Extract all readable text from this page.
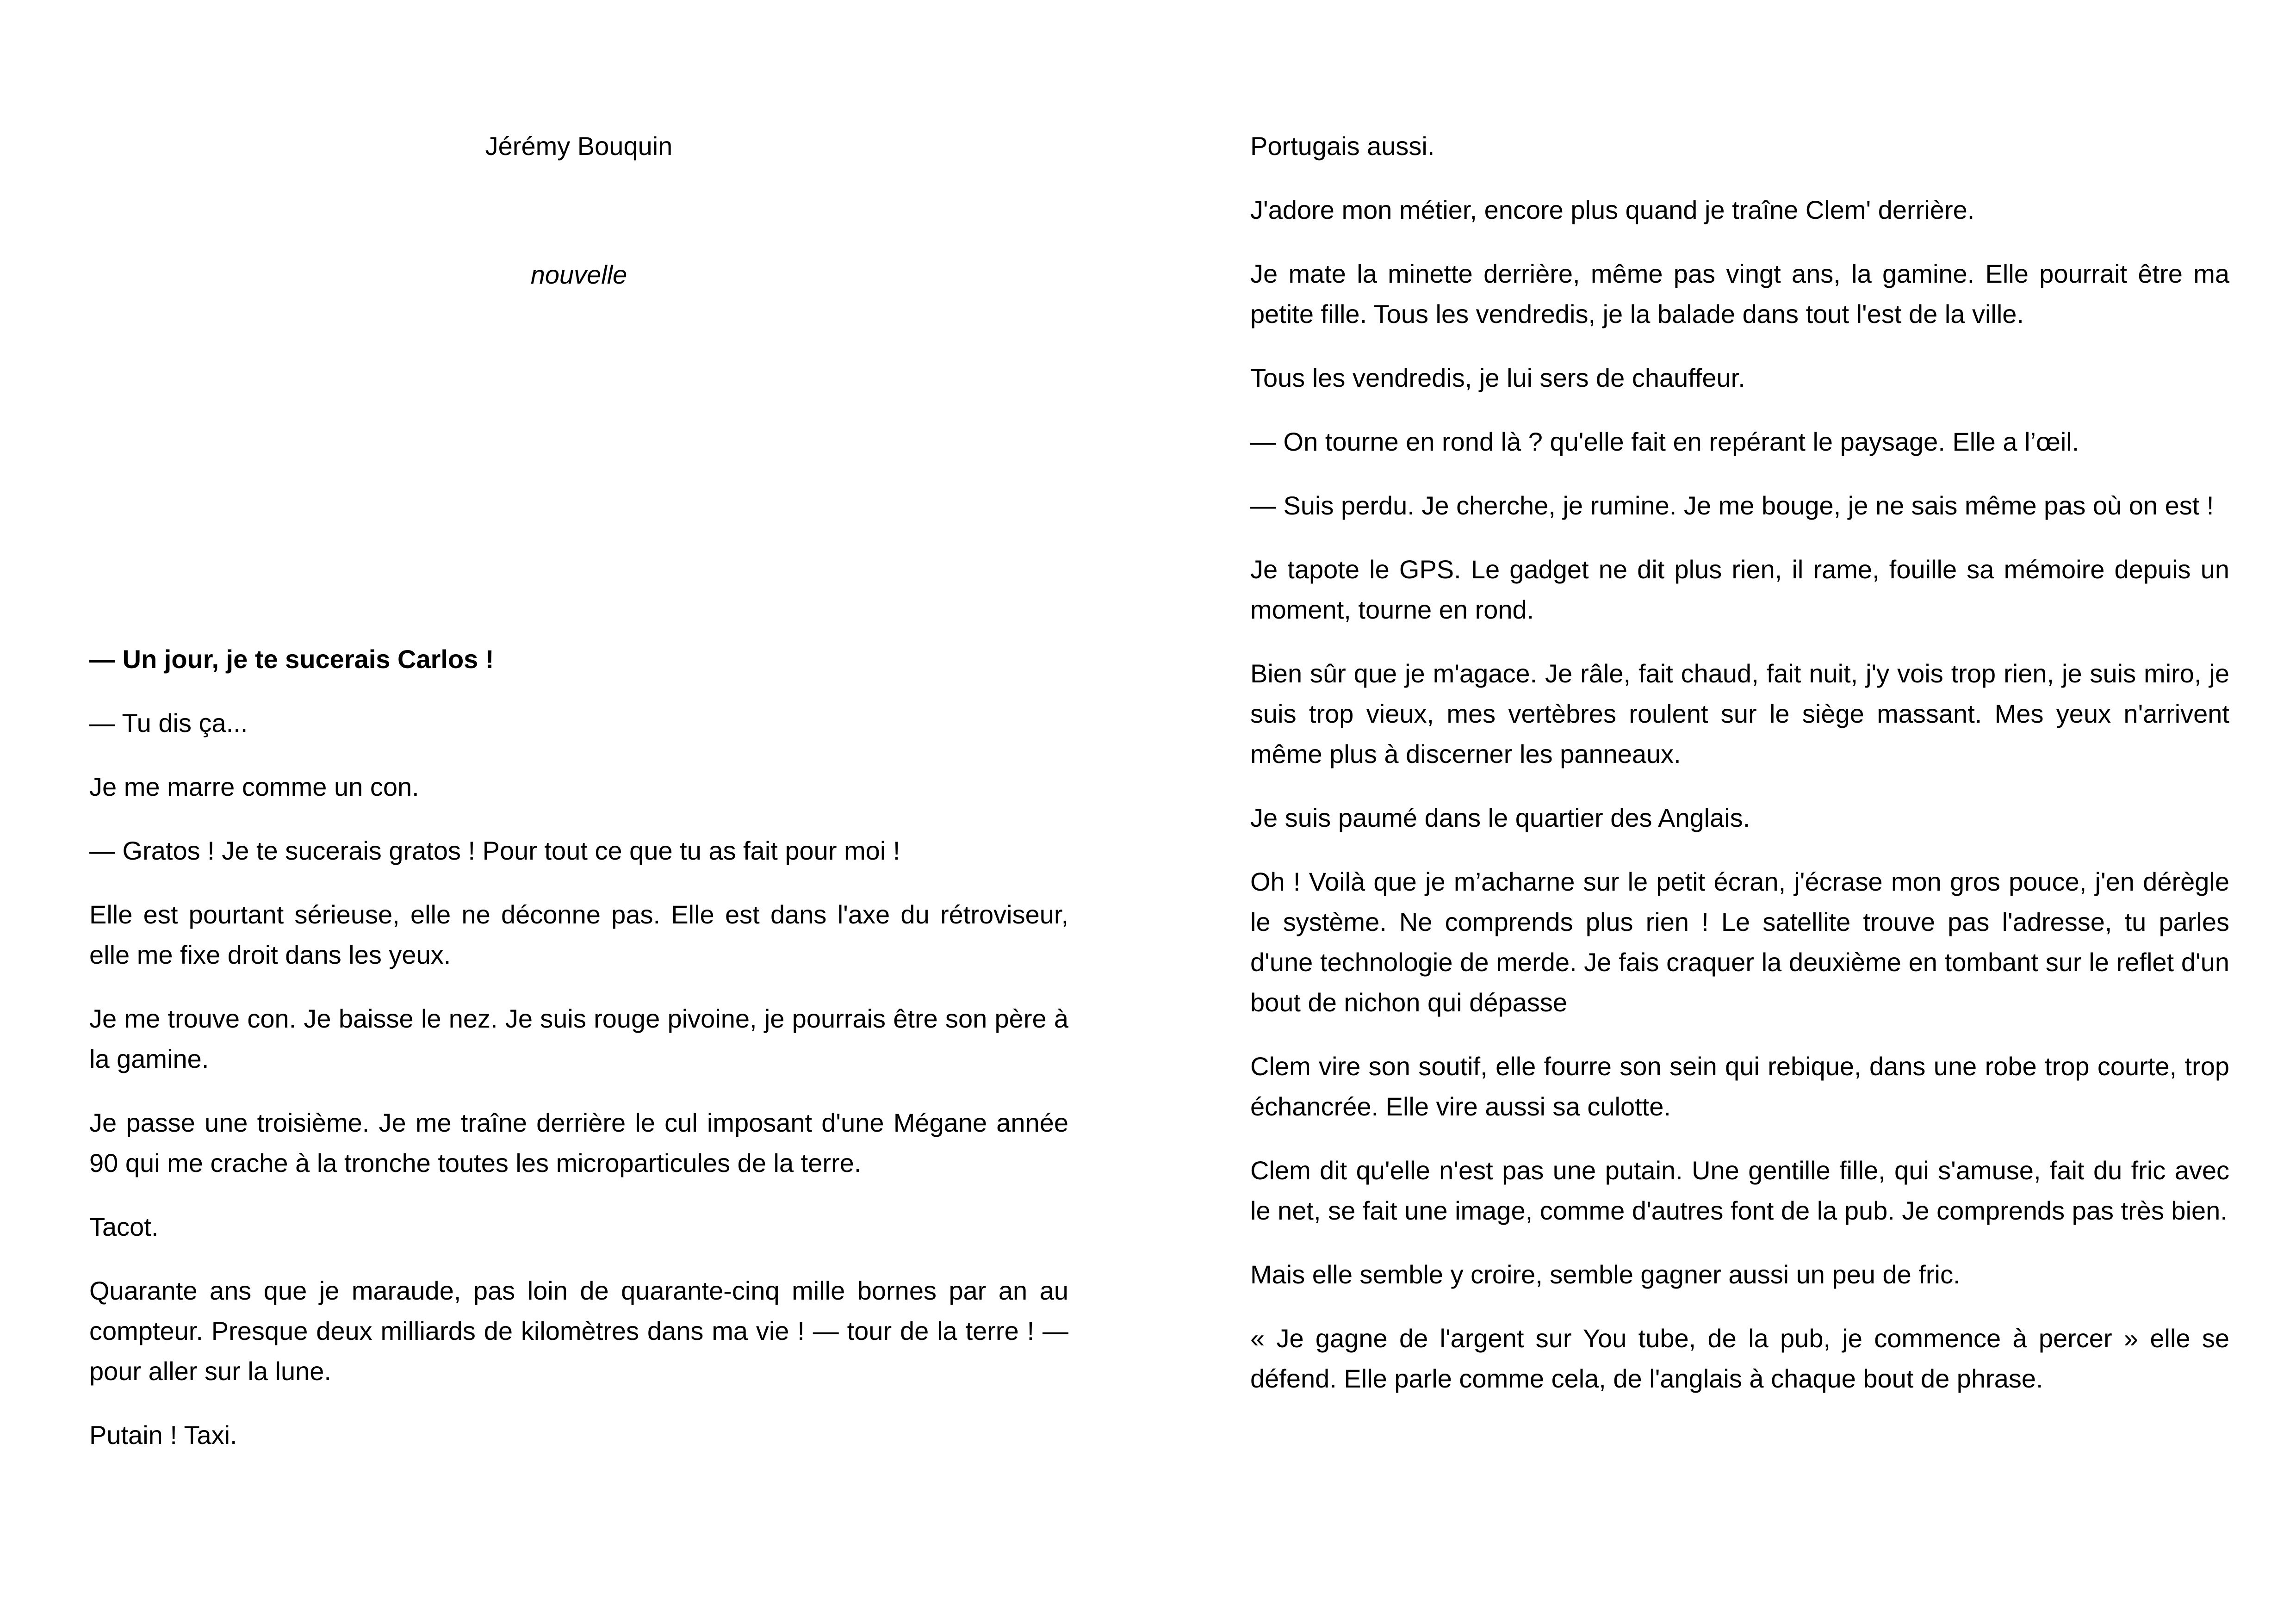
Jérémy Bouquin
nouvelle

— Un jour, je te sucerais Carlos !

— Tu dis ça...

Je me marre comme un con.

— Gratos ! Je te sucerais gratos ! Pour tout ce que tu as fait pour moi !

Elle est pourtant sérieuse, elle ne déconne pas. Elle est dans l'axe du rétroviseur, elle me fixe droit dans les yeux.

Je me trouve con. Je baisse le nez. Je suis rouge pivoine, je pourrais être son père à la gamine.

Je passe une troisième. Je me traîne derrière le cul imposant d'une Mégane année 90 qui me crache à la tronche toutes les microparticules de la terre.

Tacot.

Quarante ans que je maraude, pas loin de quarante-cinq mille bornes par an au compteur. Presque deux milliards de kilomètres dans ma vie ! — tour de la terre ! — pour aller sur la lune.

Putain ! Taxi.

Portugais aussi.

J'adore mon métier, encore plus quand je traîne Clem' derrière.

Je mate la minette derrière, même pas vingt ans, la gamine. Elle pourrait être ma petite fille. Tous les vendredis, je la balade dans tout l'est de la ville.

Tous les vendredis, je lui sers de chauffeur.

— On tourne en rond là ? qu'elle fait en repérant le paysage. Elle a l’œil.

— Suis perdu. Je cherche, je rumine. Je me bouge, je ne sais même pas où on est !

Je tapote le GPS. Le gadget ne dit plus rien, il rame, fouille sa mémoire depuis un moment, tourne en rond.

Bien sûr que je m'agace. Je râle, fait chaud, fait nuit, j'y vois trop rien, je suis miro, je suis trop vieux, mes vertèbres roulent sur le siège massant. Mes yeux n'arrivent même plus à discerner les panneaux.

Je suis paumé dans le quartier des Anglais.

Oh ! Voilà que je m’acharne sur le petit écran, j'écrase mon gros pouce, j'en dérègle le système. Ne comprends plus rien ! Le satellite trouve pas l'adresse, tu parles d'une technologie de merde. Je fais craquer la deuxième en tombant sur le reflet d'un bout de nichon qui dépasse

Clem vire son soutif, elle fourre son sein qui rebique, dans une robe trop courte, trop échancrée. Elle vire aussi sa culotte.

Clem dit qu'elle n'est pas une putain. Une gentille fille, qui s'amuse, fait du fric avec le net, se fait une image, comme d'autres font de la pub. Je comprends pas très bien.

Mais elle semble y croire, semble gagner aussi un peu de fric.

« Je gagne de l'argent sur You tube, de la pub, je commence à percer » elle se défend. Elle parle comme cela, de l'anglais à chaque bout de phrase.
